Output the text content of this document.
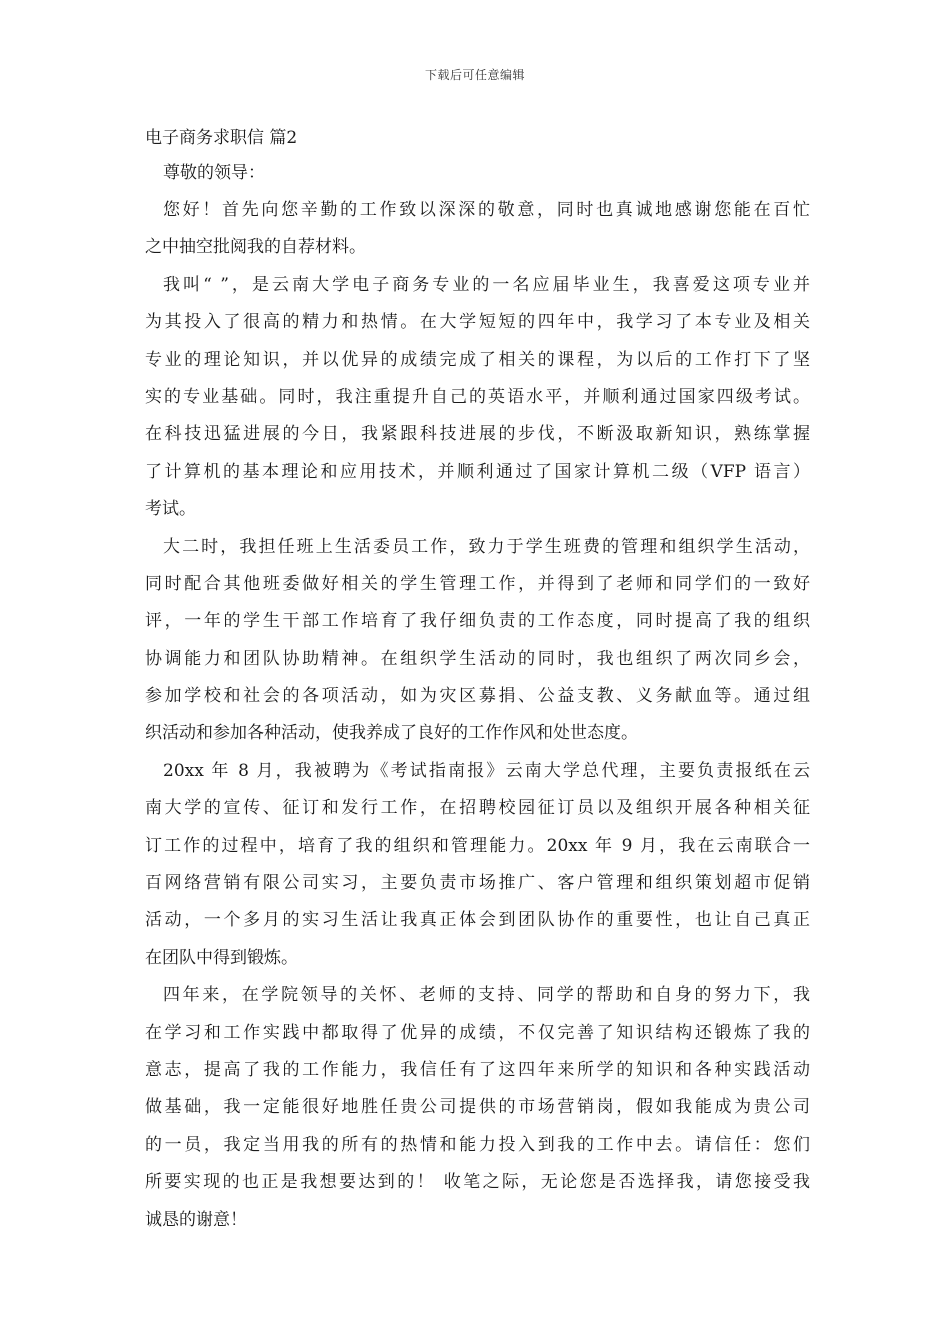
下载后可任意编辑
电子商务求职信 篇2
尊敬的领导：
您好！首先向您辛勤的工作致以深深的敬意，同时也真诚地感谢您能在百忙
之中抽空批阅我的自荐材料。
我叫“ ”，是云南大学电子商务专业的一名应届毕业生，我喜爱这项专业并
为其投入了很高的精力和热情。在大学短短的四年中，我学习了本专业及相关
专业的理论知识，并以优异的成绩完成了相关的课程，为以后的工作打下了坚
实的专业基础。同时，我注重提升自己的英语水平，并顺利通过国家四级考试。
在科技迅猛进展的今日，我紧跟科技进展的步伐，不断汲取新知识，熟练掌握
了计算机的基本理论和应用技术，并顺利通过了国家计算机二级（VFP 语言）
考试。
大二时，我担任班上生活委员工作，致力于学生班费的管理和组织学生活动，
同时配合其他班委做好相关的学生管理工作，并得到了老师和同学们的一致好
评，一年的学生干部工作培育了我仔细负责的工作态度，同时提高了我的组织
协调能力和团队协助精神。在组织学生活动的同时，我也组织了两次同乡会，
参加学校和社会的各项活动，如为灾区募捐、公益支教、义务献血等。通过组
织活动和参加各种活动，使我养成了良好的工作作风和处世态度。
20xx 年 8 月，我被聘为《考试指南报》云南大学总代理，主要负责报纸在云
南大学的宣传、征订和发行工作，在招聘校园征订员以及组织开展各种相关征
订工作的过程中，培育了我的组织和管理能力。20xx 年 9 月，我在云南联合一
百网络营销有限公司实习，主要负责市场推广、客户管理和组织策划超市促销
活动，一个多月的实习生活让我真正体会到团队协作的重要性，也让自己真正
在团队中得到锻炼。
四年来，在学院领导的关怀、老师的支持、同学的帮助和自身的努力下，我
在学习和工作实践中都取得了优异的成绩，不仅完善了知识结构还锻炼了我的
意志，提高了我的工作能力，我信任有了这四年来所学的知识和各种实践活动
做基础，我一定能很好地胜任贵公司提供的市场营销岗，假如我能成为贵公司
的一员，我定当用我的所有的热情和能力投入到我的工作中去。请信任：您们
所要实现的也正是我想要达到的！ 收笔之际，无论您是否选择我，请您接受我
诚恳的谢意！
